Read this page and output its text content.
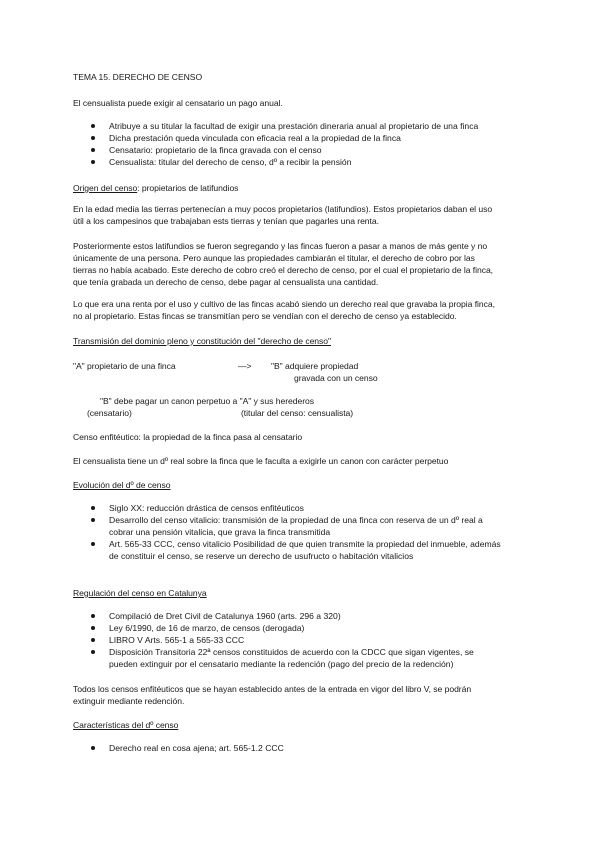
TEMA 15. DERECHO DE CENSO
El censualista puede exigir al censatario un pago anual.
Atribuye a su titular la facultad de exigir una prestación dineraria anual al propietario de una finca
Dicha prestación queda vinculada con eficacia real a la propiedad de la finca
Censatario: propietario de la finca gravada con el censo
Censualista: titular del derecho de censo, dº a recibir la pensión
Origen del censo: propietarios de latifundios
En la edad media las tierras pertenecían a muy pocos propietarios (latifundios). Estos propietarios daban el uso
útil a los campesinos que trabajaban ests tierras y tenían que pagarles una renta.
Posteriormente estos latifundios se fueron segregando y las fincas fueron a pasar a manos de más gente y no
únicamente de una persona. Pero aunque las propiedades cambiarán el titular, el derecho de cobro por las
tierras no había acabado. Este derecho de cobro creó el derecho de censo, por el cual el propietario de la finca,
que tenía grabada un derecho de censo, debe pagar al censualista una cantidad.
Lo que era una renta por el uso y cultivo de las fincas acabó siendo un derecho real que gravaba la propia finca,
no al propietario. Estas fincas se transmitían pero se vendían con el derecho de censo ya establecido.
Transmisión del dominio pleno y constitución del "derecho de censo"
"A" propietario de una finca	—> "B" adquiere propiedad
gravada con un censo
"B" debe pagar un canon perpetuo a "A" y sus herederos
(censatario)	(titular del censo: censualista)
Censo enfitéutico: la propiedad de la finca pasa al censatario
El censualista tiene un dº real sobre la finca que le faculta a exigirle un canon con carácter perpetuo
Evolución del dº de censo
Siglo XX: reducción drástica de censos enfitéuticos
Desarrollo del censo vitalicio: transmisión de la propiedad de una finca con reserva de un dº real a
cobrar una pensión vitalicia, que grava la finca transmitida
Art. 565-33 CCC, censo vitalicio Posibilidad de que quien transmite la propiedad del inmueble, además
de constituir el censo, se reserve un derecho de usufructo o habitación vitalicios
Regulación del censo en Catalunya
Compilació de Dret Civil de Catalunya 1960 (arts. 296 a 320)
Ley 6/1990, de 16 de marzo, de censos (derogada)
LIBRO V Arts. 565-1 a 565-33 CCC
Disposición Transitoria 22ª censos constituidos de acuerdo con la CDCC que sigan vigentes, se
pueden extinguir por el censatario mediante la redención (pago del precio de la redención)
Todos los censos enfitéuticos que se hayan establecido antes de la entrada en vigor del libro V, se podrán
extinguir mediante redención.
Características del dº censo
Derecho real en cosa ajena; art. 565-1.2 CCC
